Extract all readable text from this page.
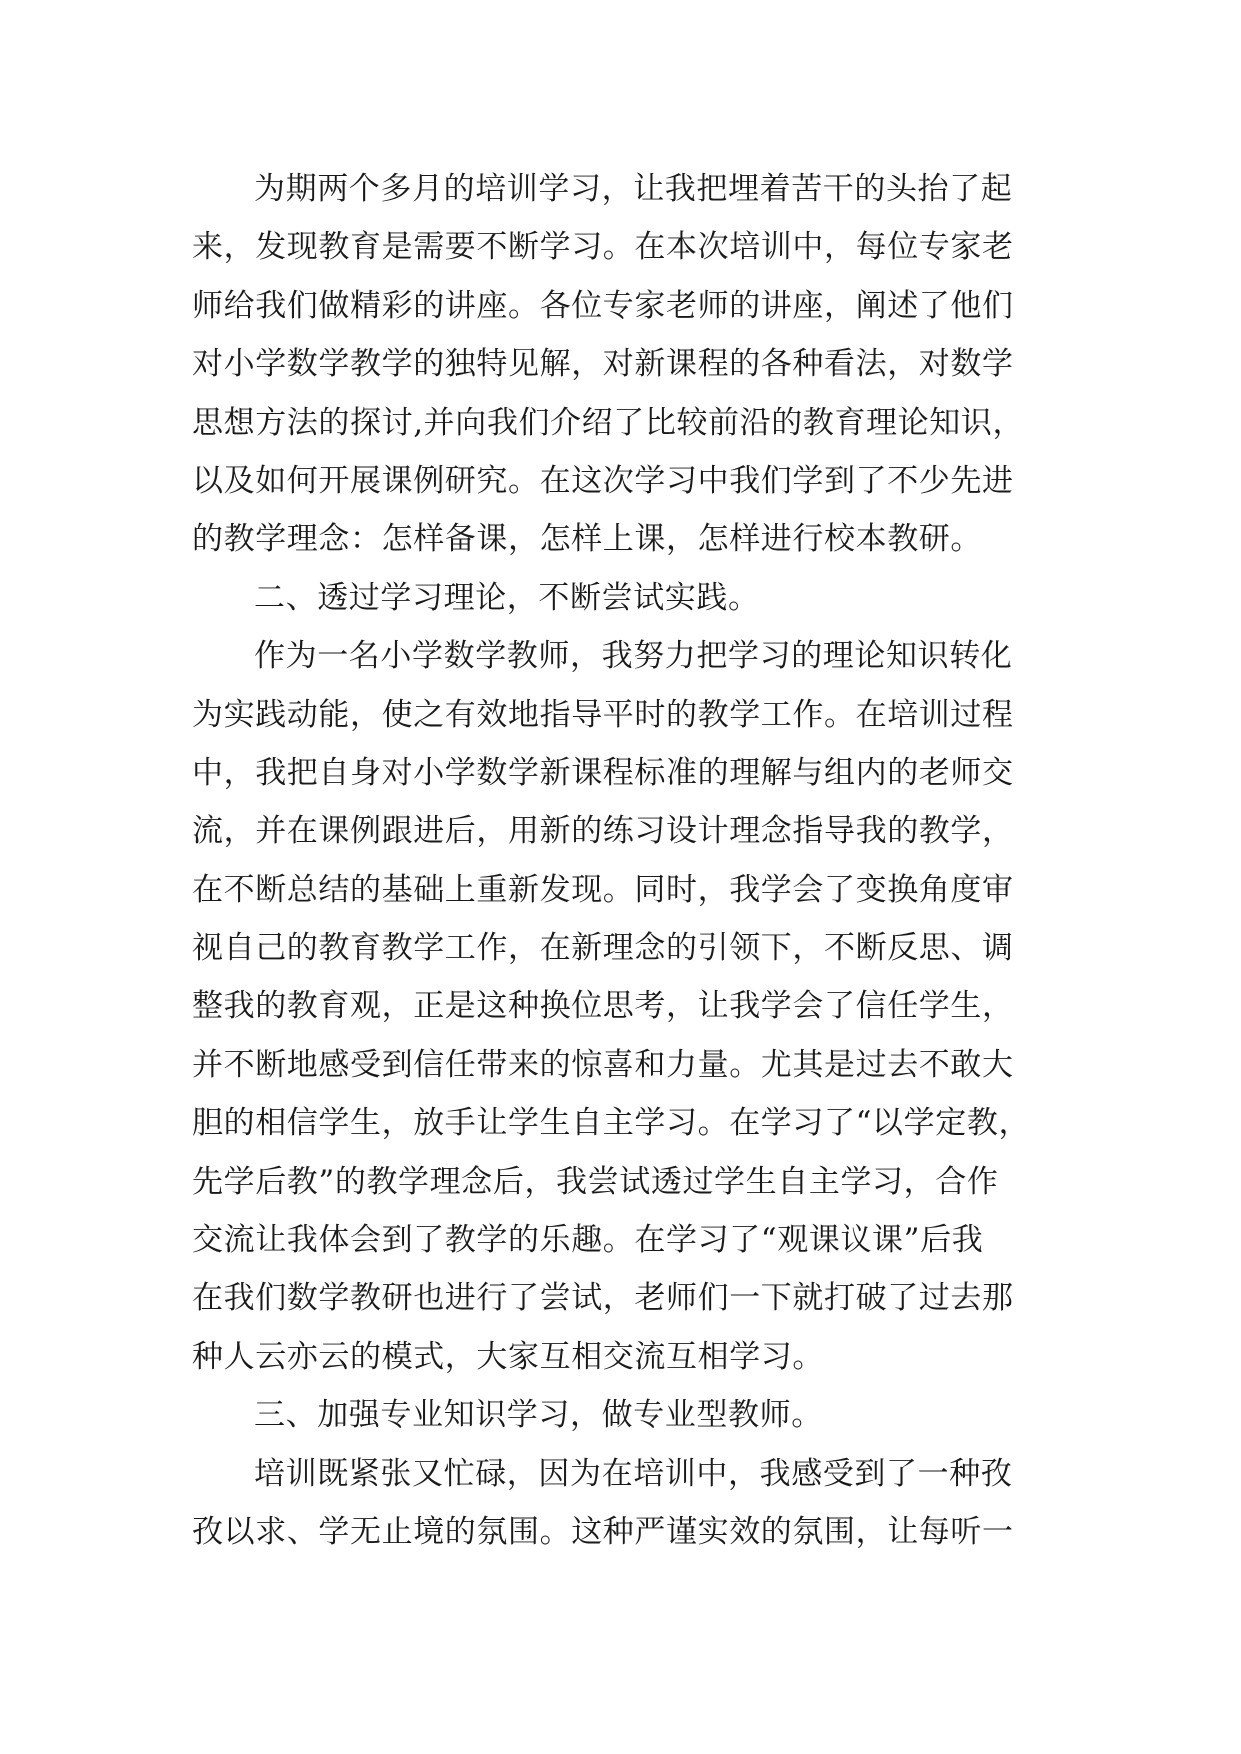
为期两个多月的培训学习，让我把埋着苦干的头抬了起
来，发现教育是需要不断学习。在本次培训中，每位专家老
师给我们做精彩的讲座。各位专家老师的讲座，阐述了他们
对小学数学教学的独特见解，对新课程的各种看法，对数学
思想方法的探讨,并向我们介绍了比较前沿的教育理论知识，
以及如何开展课例研究。在这次学习中我们学到了不少先进
的教学理念：怎样备课，怎样上课，怎样进行校本教研。
二、透过学习理论，不断尝试实践。
作为一名小学数学教师，我努力把学习的理论知识转化
为实践动能，使之有效地指导平时的教学工作。在培训过程
中，我把自身对小学数学新课程标准的理解与组内的老师交
流，并在课例跟进后，用新的练习设计理念指导我的教学，
在不断总结的基础上重新发现。同时，我学会了变换角度审
视自己的教育教学工作，在新理念的引领下，不断反思、调
整我的教育观，正是这种换位思考，让我学会了信任学生，
并不断地感受到信任带来的惊喜和力量。尤其是过去不敢大
胆的相信学生，放手让学生自主学习。在学习了“以学定教，
先学后教”的教学理念后，我尝试透过学生自主学习，合作
交流让我体会到了教学的乐趣。在学习了“观课议课”后我
在我们数学教研也进行了尝试，老师们一下就打破了过去那
种人云亦云的模式，大家互相交流互相学习。
三、加强专业知识学习，做专业型教师。
培训既紧张又忙碌，因为在培训中，我感受到了一种孜
孜以求、学无止境的氛围。这种严谨实效的氛围，让每听一
